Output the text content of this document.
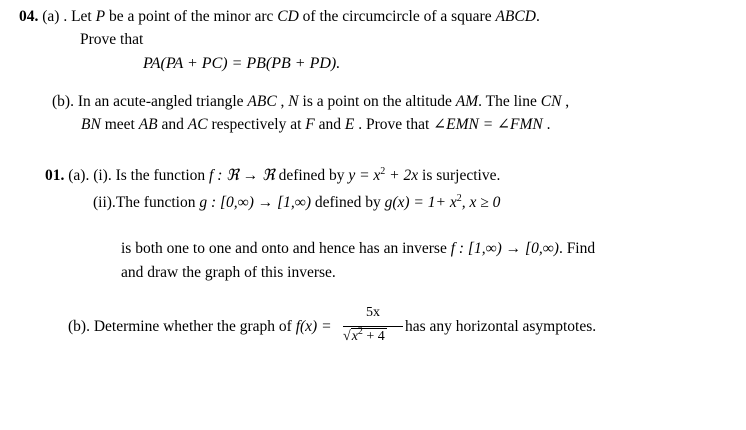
04. (a) . Let P be a point of the minor arc CD of the circumcircle of a square ABCD.
Prove that
PA(PA + PC) = PB(PB + PD).
(b). In an acute-angled triangle ABC , N is a point on the altitude AM. The line CN ,
BN meet AB and AC respectively at F and E . Prove that ∠EMN = ∠FMN .
01. (a). (i). Is the function f : ℜ → ℜ defined by $y = x^2 + 2x$ is surjective.
(ii).The function g : [0,∞) → [1,∞) defined by $g(x) = 1+ x^2$, x ≥ 0
is both one to one and onto and hence has an inverse f : [1,∞) → [0,∞). Find
and draw the graph of this inverse.
(b). Determine whether the graph of f(x) =
5x
$√x^2 + 4$
has any horizontal asymptotes.
